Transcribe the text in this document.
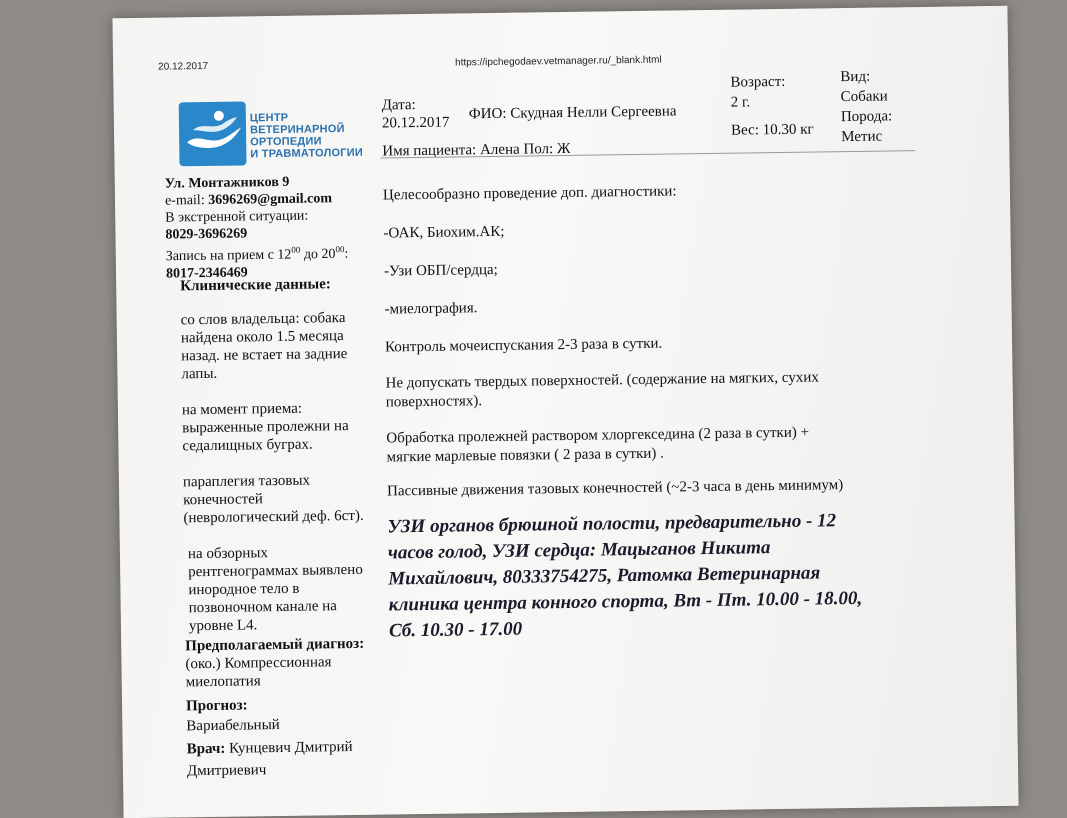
20.12.2017	https://ipchegodaev.vetmanager.ru/_blank.html
ЦЕНТР
ВЕТЕРИНАРНОЙ
ОРТОПЕДИИ
И ТРАВМАТОЛОГИИ
Ул. Монтажников 9
e-mail: 3696269@gmail.com
В экстренной ситуации:
8029-3696269
Запись на прием с $12^{00}$ до $20^{00}$:
8017-2346469
Клинические данные:
со слов владельца: собака
найдена около 1.5 месяца
назад. не встает на задние
лапы.
на момент приема:
выраженные пролежни на
седалищных буграх.
параплегия тазовых
конечностей
(неврологический деф. 6ст).
на обзорных
рентгенограммах выявлено
инородное тело в
позвоночном канале на
уровне L4.
Предполагаемый диагноз:
(око.) Компрессионная
миелопатия
Прогноз:
Вариабельный
Врач: Кунцевич Дмитрий
Дмитриевич
Дата:
20.12.2017
ФИО: Скудная Нелли Сергеевна
Имя пациента: Алена Пол: Ж
Возраст:
2 г.
Вес: 10.30 кг
Вид:
Собаки
Порода:
Метис
Целесообразно проведение доп. диагностики:
-ОАК, Биохим.АК;
-Узи ОБП/сердца;
-миелография.
Контроль мочеиспускания 2-3 раза в сутки.
Не допускать твердых поверхностей. (содержание на мягких, сухих
поверхностях).
Обработка пролежней раствором хлоргекседина (2 раза в сутки) +
мягкие марлевые повязки ( 2 раза в сутки) .
Пассивные движения тазовых конечностей (~2-3 часа в день минимум)
УЗИ органов брюшной полости, предварительно - 12
часов голод, УЗИ сердца: Мацыганов Никита
Михайлович, 80333754275, Ратомка Ветеринарная
клиника центра конного спорта, Вт - Пт. 10.00 - 18.00,
Сб. 10.30 - 17.00
